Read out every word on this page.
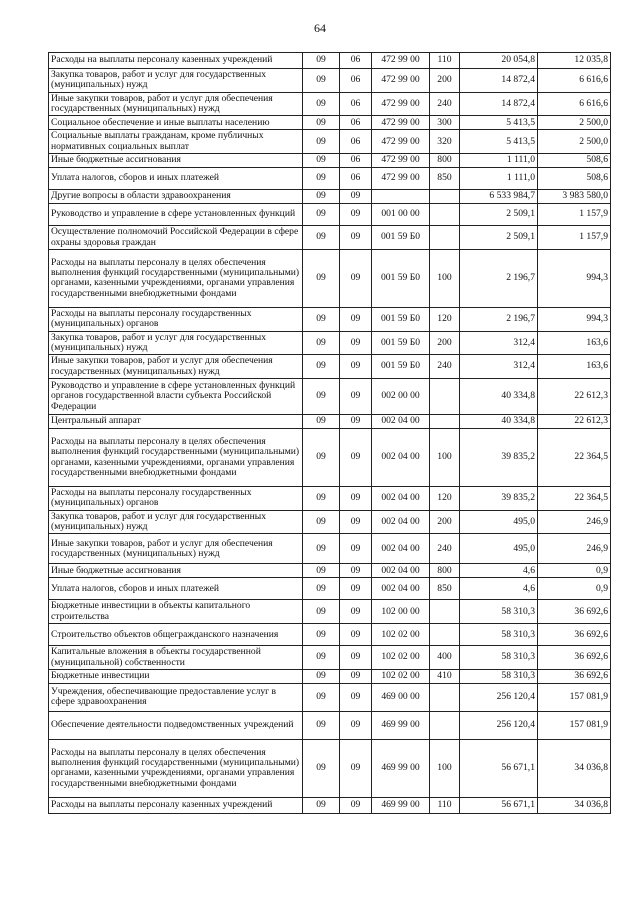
64
Расходы на выплаты персоналу казенных учреждений	09	06	472 99 00	110	20 054,8	12 035,8
Закупка товаров, работ и услуг для государственных (муниципальных) нужд	09	06	472 99 00	200	14 872,4	6 616,6
Иные закупки товаров, работ и услуг для обеспечения государственных (муниципальных) нужд	09	06	472 99 00	240	14 872,4	6 616,6
Социальное обеспечение и иные выплаты населению	09	06	472 99 00	300	5 413,5	2 500,0
Социальные выплаты гражданам, кроме публичных нормативных социальных выплат	09	06	472 99 00	320	5 413,5	2 500,0
Иные бюджетные ассигнования	09	06	472 99 00	800	1 111,0	508,6
Уплата налогов, сборов и иных платежей	09	06	472 99 00	850	1 111,0	508,6
Другие вопросы в области здравоохранения	09	09			6 533 984,7	3 983 580,0
Руководство и управление в сфере установленных функций	09	09	001 00 00		2 509,1	1 157,9
Осуществление полномочий Российской Федерации в сфере охраны здоровья граждан	09	09	001 59 Б0		2 509,1	1 157,9
Расходы на выплаты персоналу в целях обеспечения выполнения функций государственными (муниципальными) органами, казенными учреждениями, органами управления государственными внебюджетными фондами	09	09	001 59 Б0	100	2 196,7	994,3
Расходы на выплаты персоналу государственных (муниципальных) органов	09	09	001 59 Б0	120	2 196,7	994,3
Закупка товаров, работ и услуг для государственных (муниципальных) нужд	09	09	001 59 Б0	200	312,4	163,6
Иные закупки товаров, работ и услуг для обеспечения государственных (муниципальных) нужд	09	09	001 59 Б0	240	312,4	163,6
Руководство и управление в сфере установленных функций органов государственной власти субъекта Российской Федерации	09	09	002 00 00		40 334,8	22 612,3
Центральный аппарат	09	09	002 04 00		40 334,8	22 612,3
Расходы на выплаты персоналу в целях обеспечения выполнения функций государственными (муниципальными) органами, казенными учреждениями, органами управления государственными внебюджетными фондами	09	09	002 04 00	100	39 835,2	22 364,5
Расходы на выплаты персоналу государственных (муниципальных) органов	09	09	002 04 00	120	39 835,2	22 364,5
Закупка товаров, работ и услуг для государственных (муниципальных) нужд	09	09	002 04 00	200	495,0	246,9
Иные закупки товаров, работ и услуг для обеспечения государственных (муниципальных) нужд	09	09	002 04 00	240	495,0	246,9
Иные бюджетные ассигнования	09	09	002 04 00	800	4,6	0,9
Уплата налогов, сборов и иных платежей	09	09	002 04 00	850	4,6	0,9
Бюджетные инвестиции в объекты капитального строительства	09	09	102 00 00		58 310,3	36 692,6
Строительство объектов общегражданского назначения	09	09	102 02 00		58 310,3	36 692,6
Капитальные вложения в объекты государственной (муниципальной) собственности	09	09	102 02 00	400	58 310,3	36 692,6
Бюджетные инвестиции	09	09	102 02 00	410	58 310,3	36 692,6
Учреждения, обеспечивающие предоставление услуг в сфере здравоохранения	09	09	469 00 00		256 120,4	157 081,9
Обеспечение деятельности подведомственных учреждений	09	09	469 99 00		256 120,4	157 081,9
Расходы на выплаты персоналу в целях обеспечения выполнения функций государственными (муниципальными) органами, казенными учреждениями, органами управления государственными внебюджетными фондами	09	09	469 99 00	100	56 671,1	34 036,8
Расходы на выплаты персоналу казенных учреждений	09	09	469 99 00	110	56 671,1	34 036,8
